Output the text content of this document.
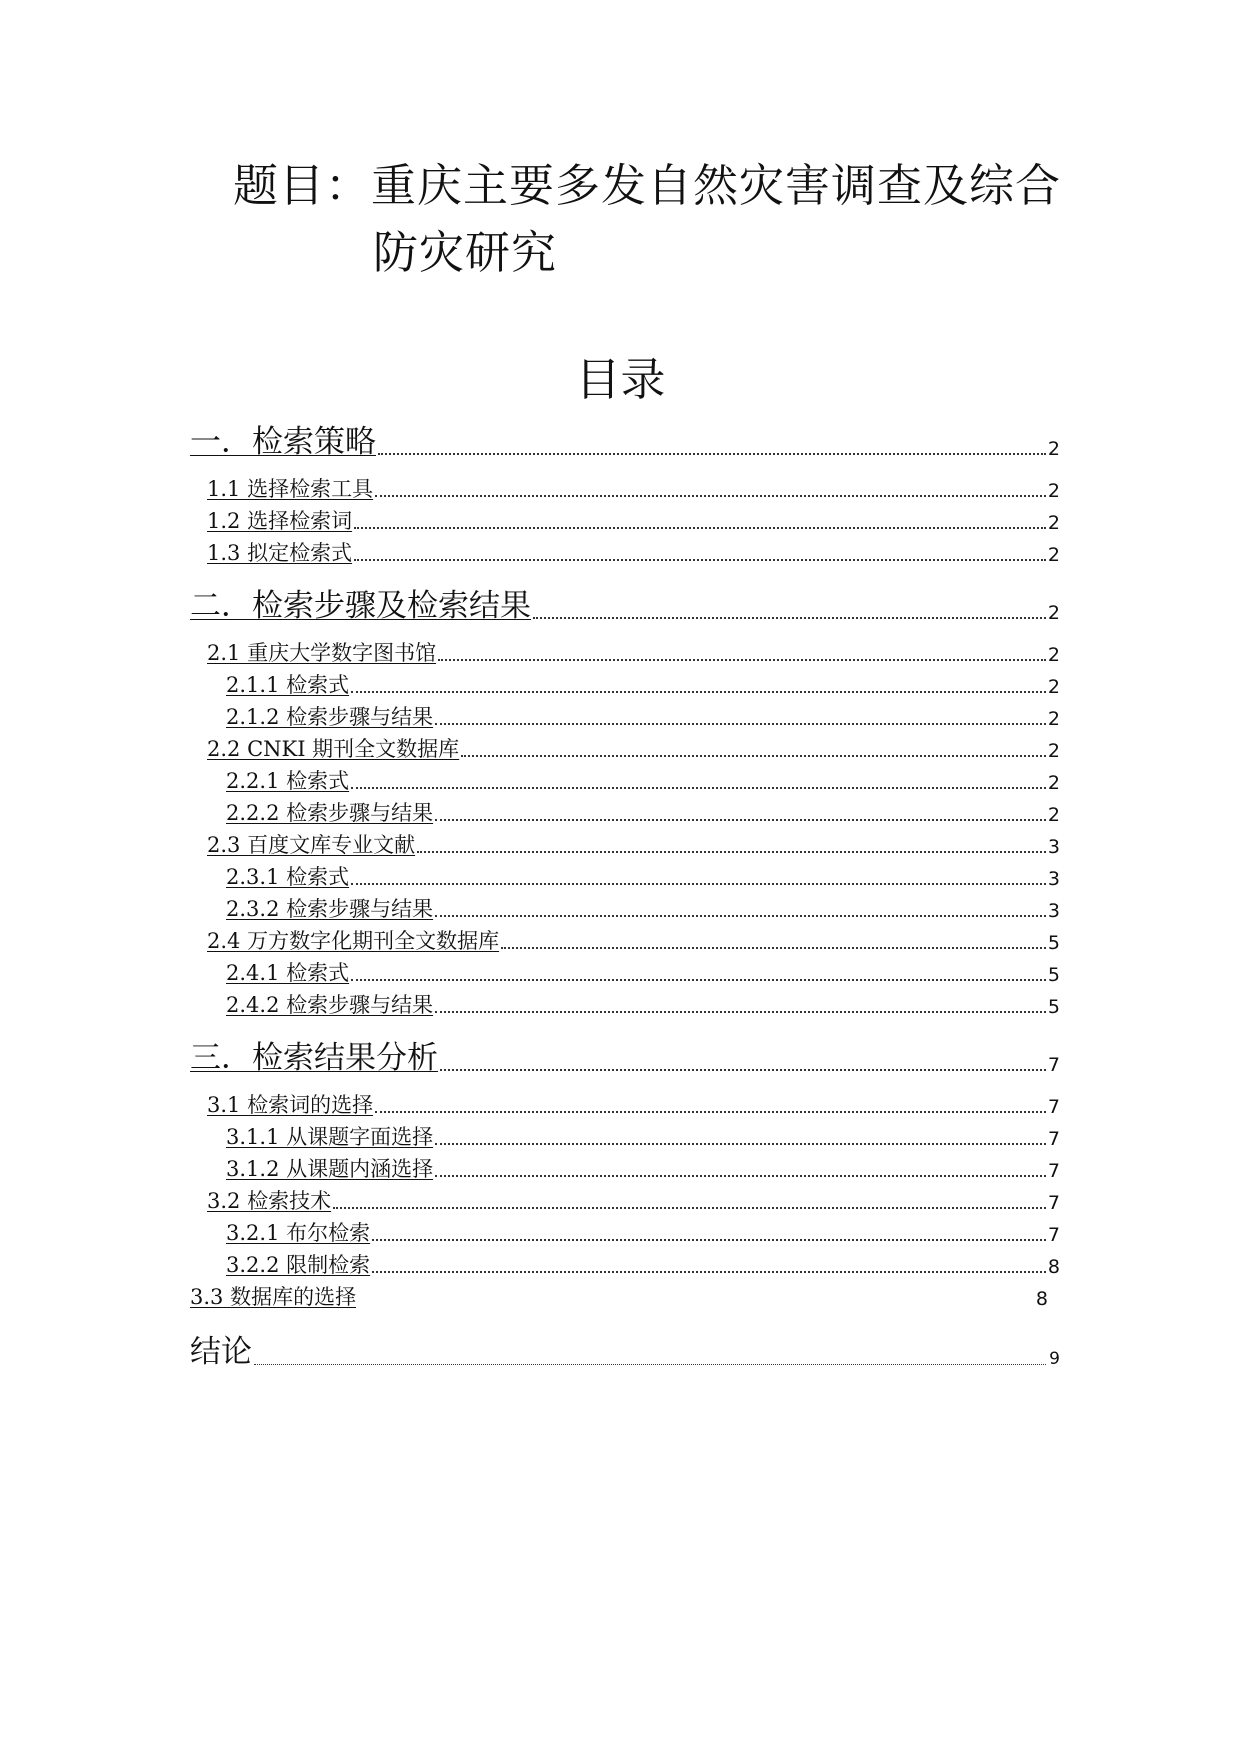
题目：重庆主要多发自然灾害调查及综合
防灾研究
目录
一．检索策略	2
1.1 选择检索工具	2
1.2 选择检索词	2
1.3 拟定检索式	2
二．检索步骤及检索结果	2
2.1 重庆大学数字图书馆	2
2.1.1 检索式	2
2.1.2 检索步骤与结果	2
2.2 CNKI 期刊全文数据库	2
2.2.1 检索式	2
2.2.2 检索步骤与结果	2
2.3 百度文库专业文献	3
2.3.1 检索式	3
2.3.2 检索步骤与结果	3
2.4 万方数字化期刊全文数据库	5
2.4.1 检索式	5
2.4.2 检索步骤与结果	5
三．检索结果分析	7
3.1 检索词的选择	7
3.1.1 从课题字面选择	7
3.1.2 从课题内涵选择	7
3.2 检索技术	7
3.2.1 布尔检索	7
3.2.2 限制检索	8
3.3 数据库的选择	8
结论	9
